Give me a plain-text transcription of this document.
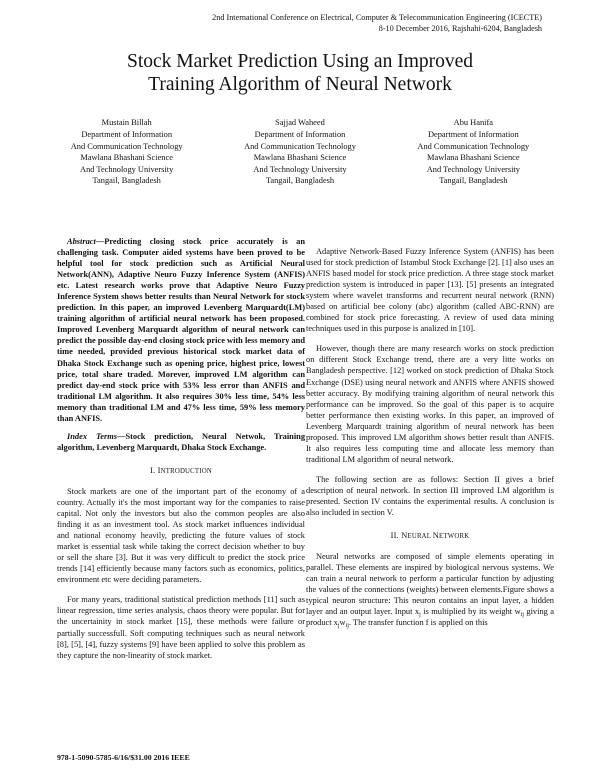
2nd International Conference on Electrical, Computer & Telecommunication Engineering (ICECTE)
8-10 December 2016, Rajshahi-6204, Bangladesh
Stock Market Prediction Using an Improved
Training Algorithm of Neural Network
Mustain Billah
Department of Information
And Communication Technology
Mawlana Bhashani Science
And Technology University
Tangail, Bangladesh
Sajjad Waheed
Department of Information
And Communication Technology
Mawlana Bhashani Science
And Technology University
Tangail, Bangladesh
Abu Hanifa
Department of Information
And Communication Technology
Mawlana Bhashani Science
And Technology University
Tangail, Bangladesh

Abstract—Predicting closing stock price accurately is an challenging task. Computer aided systems have been proved to be helpful tool for stock prediction such as Artificial Neural Network(ANN), Adaptive Neuro Fuzzy Inference System (ANFIS) etc. Latest research works prove that Adaptive Neuro Fuzzy Inference System shows better results than Neural Network for stock prediction. In this paper, an improved Levenberg Marquardt(LM) training algorithm of artificial neural network has been proposed. Improved Levenberg Marquardt algorithm of neural network can predict the possible day-end closing stock price with less memory and time needed, provided previous historical stock market data of Dhaka Stock Exchange such as opening price, highest price, lowest price, total share traded. Morever, improved LM algorithm can predict day-end stock price with 53% less error than ANFIS and traditional LM algorithm. It also requires 30% less time, 54% less memory than traditional LM and 47% less time, 59% less memory than ANFIS.

Index Terms—Stock prediction, Neural Netwok, Training algorithm, Levenberg Marquardt, Dhaka Stock Exchange.

I. INTRODUCTION

Stock markets are one of the important part of the economy of a country. Actually it's the most important way for the companies to raise capital. Not only the investors but also the common peoples are also finding it as an investment tool. As stock market influences individual and national economy heavily, predicting the future values of stock market is essential task while taking the correct decision whether to buy or sell the share [3]. But it was very difficult to predict the stock price trends [14] efficiently because many factors such as economics, politics, environment etc were deciding parameters.

For many years, traditional statistical prediction methods [11] such as linear regression, time series analysis, chaos theory were popular. But for the uncertainity in stock market [15], these methods were failure or partially successfull. Soft computing techniques such as neural network [8], [5], [4], fuzzy systems [9] have been applied to solve this problem as they capture the non-linearity of stock market.

Adaptive Network-Based Fuzzy Inference System (ANFIS) has been used for stock prediction of Istambul Stock Exchange [2]. [1] also uses an ANFIS based model for stock price prediction. A three stage stock market prediction system is introduced in paper [13]. [5] presents an integrated system where wavelet transforms and recurrent neural network (RNN) based on artificial bee colony (abc) algorithm (called ABC-RNN) are combined for stock price forecasting. A review of used data mining techniques used in this purpose is analized in [10].

However, though there are many research works on stock prediction on different Stock Exchange trend, there are a very litte works on Bangladesh perspective. [12] worked on stock prediction of Dhaka Stock Exchange (DSE) using neural network and ANFIS where ANFIS showed better accuracy. By modifying training algorithm of neural network this performance can be improved. So the goal of this paper is to acquire better performance then existing works. In this paper, an improved of Levenberg Marquardt training algorithm of neural network has been proposed. This improved LM algorithm shows better result than ANFIS. It also requires less computing time and allocate less memory than traditional LM algorithm of neural network.

The following section are as follows: Section II gives a brief description of neural network. In section III improved LM algorithm is presented. Section IV contains the experimental results. A conclusion is also included in section V.

II. NEURAL NETWORK

Neural networks are composed of simple elements operating in parallel. These elements are inspired by biological nervous systems. We can train a neural network to perform a particular function by adjusting the values of the connections (weights) between elements.Figure shows a typical neuron structure: This neuron contains an input layer, a hidden layer and an output layer. Input $x_j$ is multiplied by its weight $w_{ij}$ giving a product $x_jw_{ij}$. The transfer function f is applied on this

978-1-5090-5785-6/16/$31.00 2016 IEEE
